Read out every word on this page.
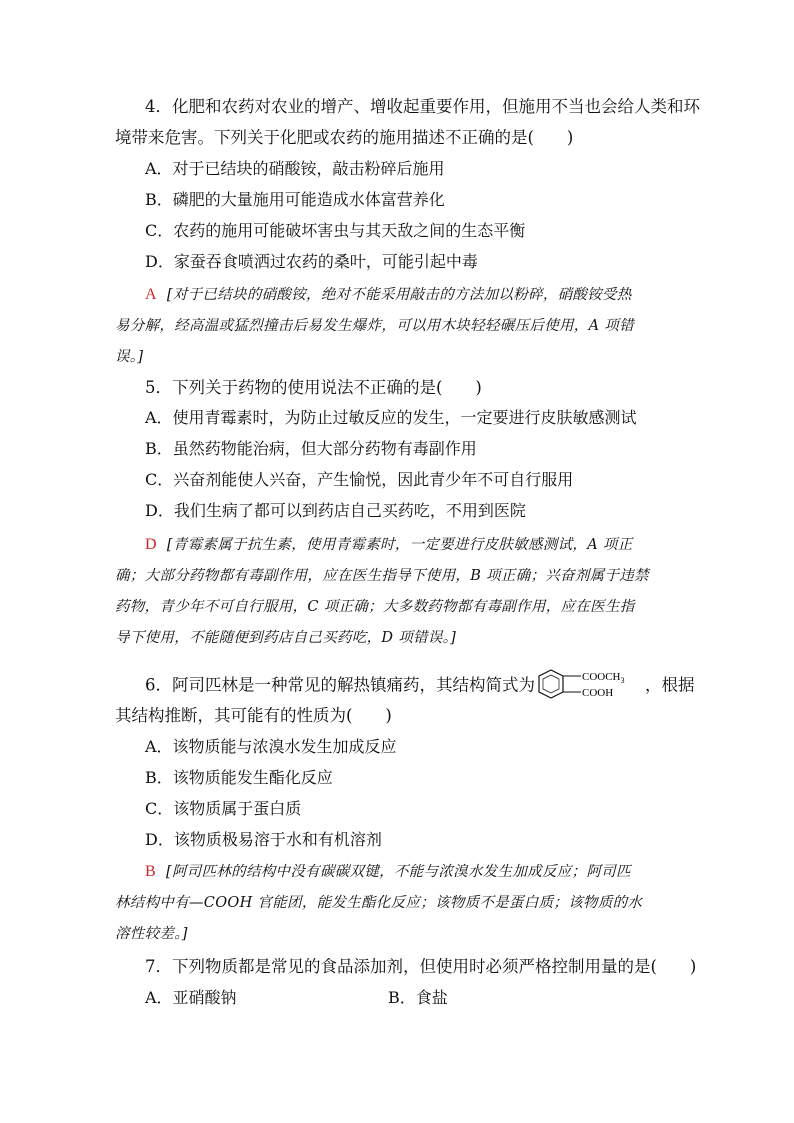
4．化肥和农药对农业的增产、增收起重要作用，但施用不当也会给人类和环
境带来危害。下列关于化肥或农药的施用描述不正确的是(　　)
A．对于已结块的硝酸铵，敲击粉碎后施用
B．磷肥的大量施用可能造成水体富营养化
C．农药的施用可能破坏害虫与其天敌之间的生态平衡
D．家蚕吞食喷洒过农药的桑叶，可能引起中毒
A [对于已结块的硝酸铵，绝对不能采用敲击的方法加以粉碎，硝酸铵受热
易分解，经高温或猛烈撞击后易发生爆炸，可以用木块轻轻碾压后使用，A 项错
误。]
5．下列关于药物的使用说法不正确的是(　　)
A．使用青霉素时，为防止过敏反应的发生，一定要进行皮肤敏感测试
B．虽然药物能治病，但大部分药物有毒副作用
C．兴奋剂能使人兴奋，产生愉悦，因此青少年不可自行服用
D．我们生病了都可以到药店自己买药吃，不用到医院
D [青霉素属于抗生素，使用青霉素时，一定要进行皮肤敏感测试，A 项正
确；大部分药物都有毒副作用，应在医生指导下使用，B 项正确；兴奋剂属于违禁
药物，青少年不可自行服用，C 项正确；大多数药物都有毒副作用，应在医生指
导下使用，不能随便到药店自己买药吃，D 项错误。]
6．阿司匹林是一种常见的解热镇痛药，其结构简式为	$COOCH_3$
COOH ，根据
其结构推断，其可能有的性质为(　　)
A．该物质能与浓溴水发生加成反应
B．该物质能发生酯化反应
C．该物质属于蛋白质
D．该物质极易溶于水和有机溶剂
B [阿司匹林的结构中没有碳碳双键，不能与浓溴水发生加成反应；阿司匹
林结构中有—COOH 官能团，能发生酯化反应；该物质不是蛋白质；该物质的水
溶性较差。]
7．下列物质都是常见的食品添加剂，但使用时必须严格控制用量的是(　　)
A．亚硝酸钠	B．食盐
